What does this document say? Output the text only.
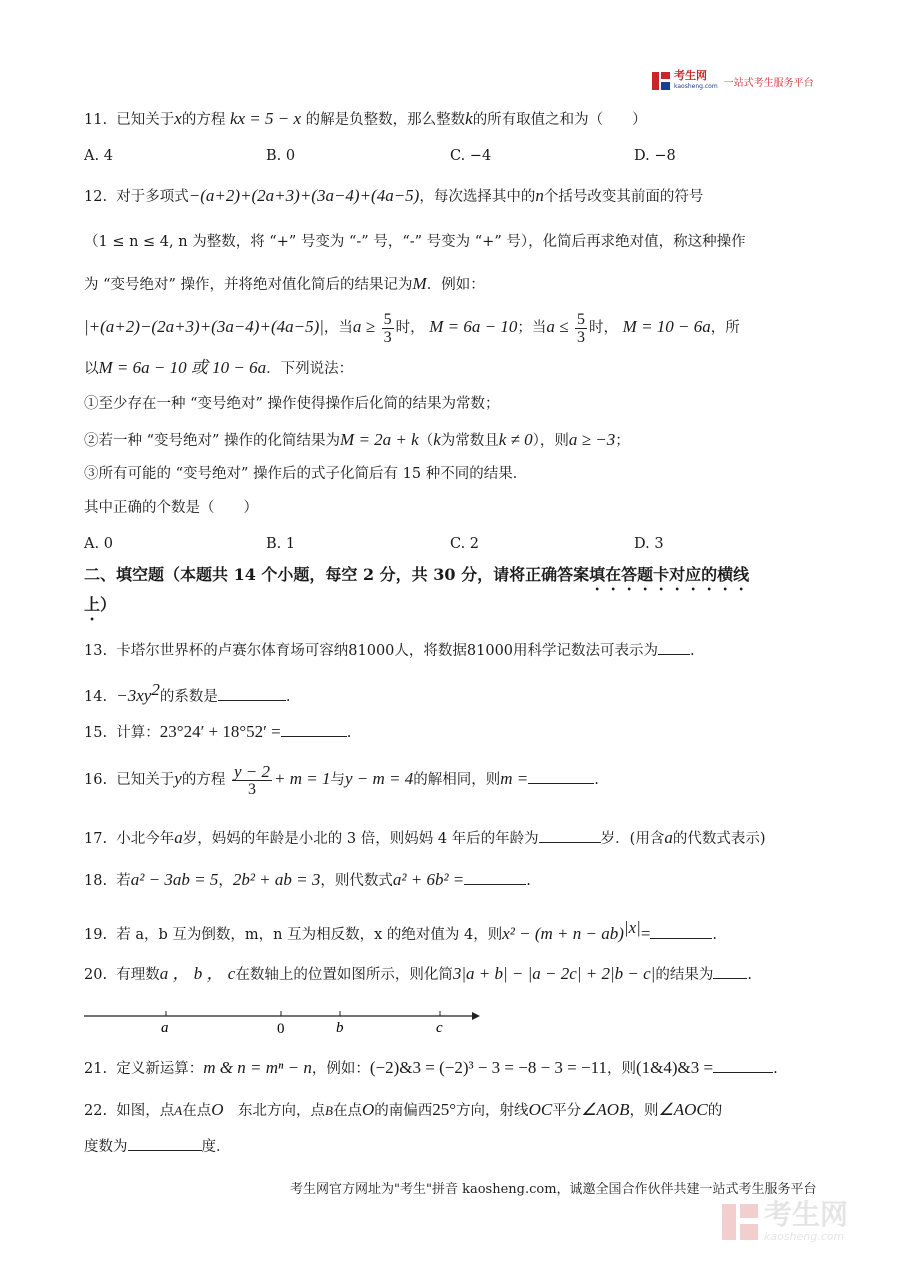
考生网
kaosheng.com 一站式考生服务平台
11. 已知关于x的方程 kx = 5 − x 的解是负整数，那么整数k的所有取值之和为（　　）
A. 4	B. 0	C. −4	D. −8
12. 对于多项式−(a+2)+(2a+3)+(3a−4)+(4a−5)，每次选择其中的n个括号改变其前面的符号
（1 ≤ n ≤ 4, n 为整数，将 “+” 号变为 “-” 号，“-” 号变为 “+” 号），化简后再求绝对值，称这种操作
为 “变号绝对” 操作，并将绝对值化简后的结果记为M．例如：
|+(a+2)−(2a+3)+(3a−4)+(4a−5)|，当$a \ge \frac{5}{3}$ 时， M = 6a − 10；当$a \le \frac{5}{3}$ 时， M = 10 − 6a，所
以M = 6a − 10 或 10 − 6a．下列说法：
①至少存在一种 “变号绝对” 操作使得操作后化简的结果为常数；
②若一种 “变号绝对” 操作的化简结果为M = 2a + k（k为常数且k ≠ 0），则a ≥ −3；
③所有可能的 “变号绝对” 操作后的式子化简后有 15 种不同的结果．
其中正确的个数是（　　）
A. 0	B. 1	C. 2	D. 3
二、填空题（本题共 14 个小题，每空 2 分，共 30 分，请将正确答案填在答题卡对应的横线
上）
13. 卡塔尔世界杯的卢赛尔体育场可容纳81000人，将数据81000用科学记数法可表示为 .
14. $-3xy^2$的系数是	.
15. 计算：23°24′ + 18°52′ =	.
16. 已知关于y的方程 $\frac{y - 2}{3} + m = 1$与y − m = 4的解相同，则m =	.
17. 小北今年a岁，妈妈的年龄是小北的 3 倍，则妈妈 4 年后的年龄为	岁．(用含a的代数式表示)
18. 若a² − 3ab = 5，2b² + ab = 3，则代数式a² + 6b² =	.
19. 若 a，b 互为倒数，m，n 互为相反数，x 的绝对值为 4，则x² − (m + n − ab)$^{|x|}$=	.
20. 有理数a ， b ， c在数轴上的位置如图所示，则化简3|a + b| − |a − 2c| + 2|b − c|的结果为 .
a	0	b	c
21. 定义新运算：m & n = mⁿ − n，例如：(−2)&3 = (−2)³ − 3 = −8 − 3 = −11，则(1&4)&3 =	.
22. 如图，点A在点O　东北方向，点B在点O的南偏西25°方向，射线OC平分∠AOB，则∠AOC的
度数为	度．
考生网官方网址为"考生"拼音 kaosheng.com，诚邀全国合作伙伴共建一站式考生服务平台
考生网
kaosheng.com
